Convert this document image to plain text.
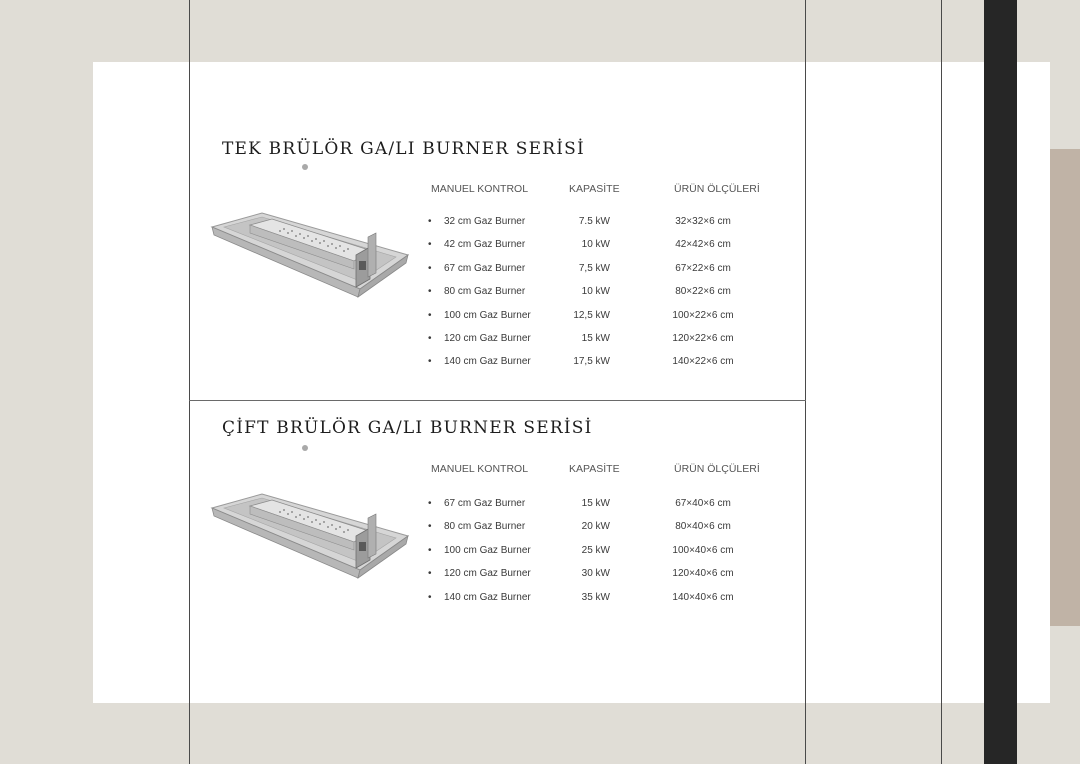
TEK BRÜLÖR GA/LI BURNER SERİSİ
MANUEL KONTROL	KAPASİTE	ÜRÜN ÖLÇÜLERİ
•	32 cm Gaz Burner	7.5 kW	32×32×6 cm
•	42 cm Gaz Burner	10 kW	42×42×6 cm
•	67 cm Gaz Burner	7,5 kW	67×22×6 cm
•	80 cm Gaz Burner	10 kW	80×22×6 cm
•	100 cm Gaz Burner	12,5 kW	100×22×6 cm
•	120 cm Gaz Burner	15 kW	120×22×6 cm
•	140 cm Gaz Burner	17,5 kW	140×22×6 cm
ÇİFT BRÜLÖR GA/LI BURNER SERİSİ
MANUEL KONTROL	KAPASİTE	ÜRÜN ÖLÇÜLERİ
•	67 cm Gaz Burner	15 kW	67×40×6 cm
•	80 cm Gaz Burner	20 kW	80×40×6 cm
•	100 cm Gaz Burner	25 kW	100×40×6 cm
•	120 cm Gaz Burner	30 kW	120×40×6 cm
•	140 cm Gaz Burner	35 kW	140×40×6 cm
